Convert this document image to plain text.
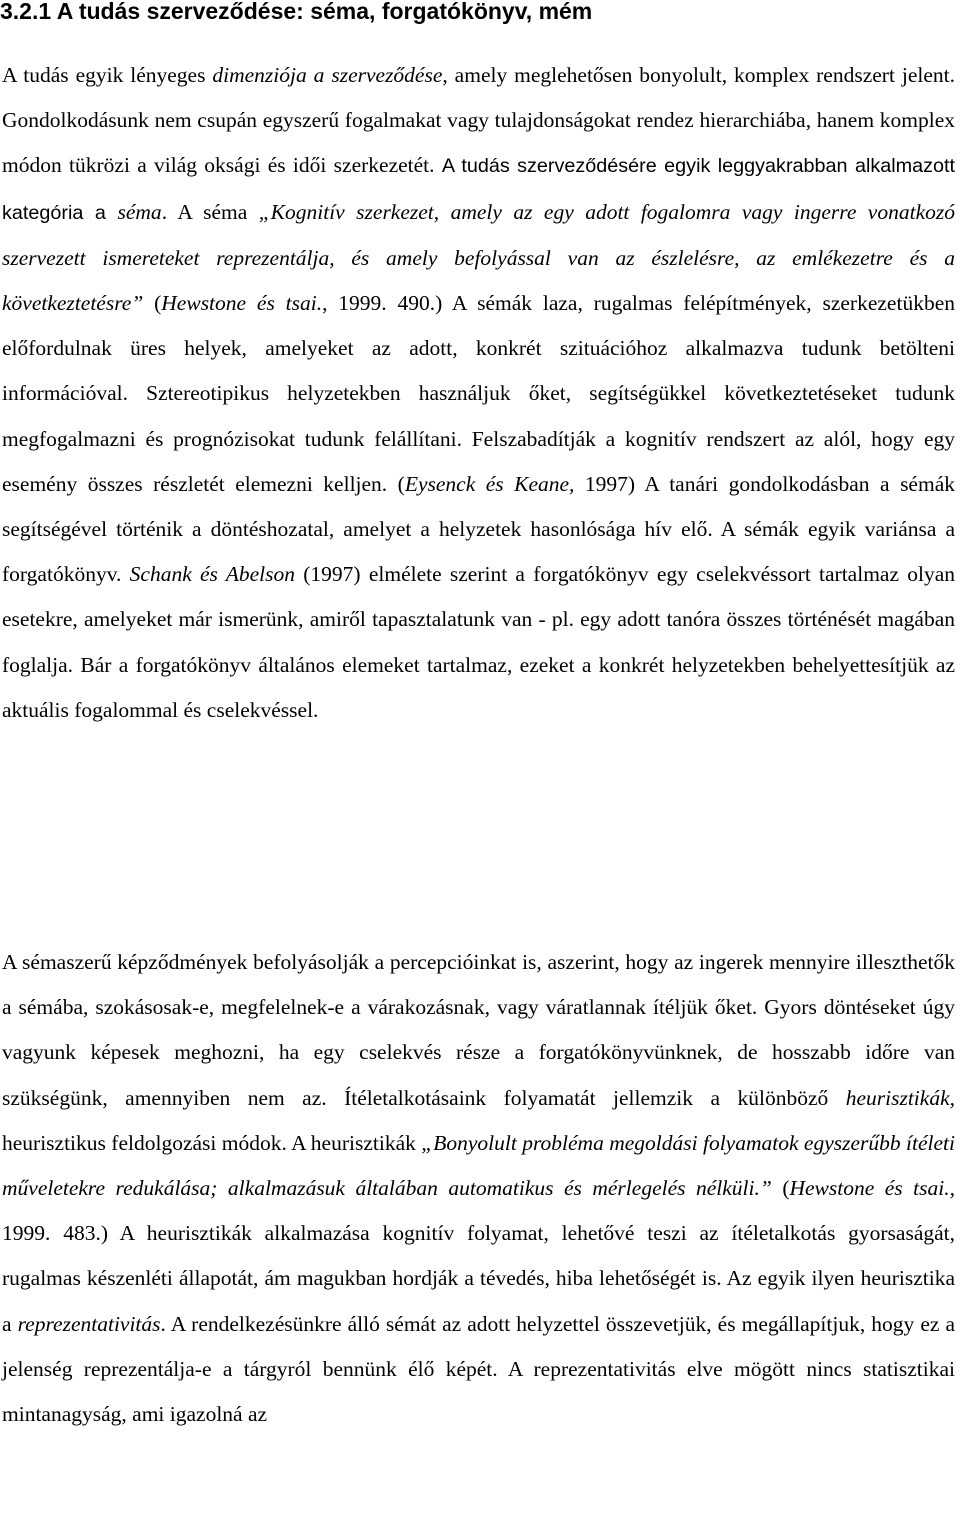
3.2.1 A tudás szerveződése: séma, forgatókönyv, mém

A tudás egyik lényeges dimenziója a szerveződése, amely meglehetősen bonyolult, komplex rendszert jelent. Gondolkodásunk nem csupán egyszerű fogalmakat vagy tulajdonságokat rendez hierarchiába, hanem komplex módon tükrözi a világ oksági és idői szerkezetét. A tudás szerveződésére egyik leggyakrabban alkalmazott kategória a séma. A séma „Kognitív szerkezet, amely az egy adott fogalomra vagy ingerre vonatkozó szervezett ismereteket reprezentálja, és amely befolyással van az észlelésre, az emlékezetre és a következtetésre” (Hewstone és tsai., 1999. 490.) A sémák laza, rugalmas felépítmények, szerkezetükben előfordulnak üres helyek, amelyeket az adott, konkrét szituációhoz alkalmazva tudunk betölteni információval. Sztereotipikus helyzetekben használjuk őket, segítségükkel következtetéseket tudunk megfogalmazni és prognózisokat tudunk felállítani. Felszabadítják a kognitív rendszert az alól, hogy egy esemény összes részletét elemezni kelljen. (Eysenck és Keane, 1997) A tanári gondolkodásban a sémák segítségével történik a döntéshozatal, amelyet a helyzetek hasonlósága hív elő. A sémák egyik variánsa a forgatókönyv. Schank és Abelson (1997) elmélete szerint a forgatókönyv egy cselekvéssort tartalmaz olyan esetekre, amelyeket már ismerünk, amiről tapasztalatunk van - pl. egy adott tanóra összes történését magában foglalja. Bár a forgatókönyv általános elemeket tartalmaz, ezeket a konkrét helyzetekben behelyettesítjük az aktuális fogalommal és cselekvéssel.

A sémaszerű képződmények befolyásolják a percepcióinkat is, aszerint, hogy az ingerek mennyire illeszthetők a sémába, szokásosak-e, megfelelnek-e a várakozásnak, vagy váratlannak ítéljük őket. Gyors döntéseket úgy vagyunk képesek meghozni, ha egy cselekvés része a forgatókönyvünknek, de hosszabb időre van szükségünk, amennyiben nem az. Ítéletalkotásaink folyamatát jellemzik a különböző heurisztikák, heurisztikus feldolgozási módok. A heurisztikák „Bonyolult probléma megoldási folyamatok egyszerűbb ítéleti műveletekre redukálása; alkalmazásuk általában automatikus és mérlegelés nélküli.” (Hewstone és tsai., 1999. 483.) A heurisztikák alkalmazása kognitív folyamat, lehetővé teszi az ítéletalkotás gyorsaságát, rugalmas készenléti állapotát, ám magukban hordják a tévedés, hiba lehetőségét is. Az egyik ilyen heurisztika a reprezentativitás. A rendelkezésünkre álló sémát az adott helyzettel összevetjük, és megállapítjuk, hogy ez a jelenség reprezentálja-e a tárgyról bennünk élő képét. A reprezentativitás elve mögött nincs statisztikai mintanagyság, ami igazolná az
